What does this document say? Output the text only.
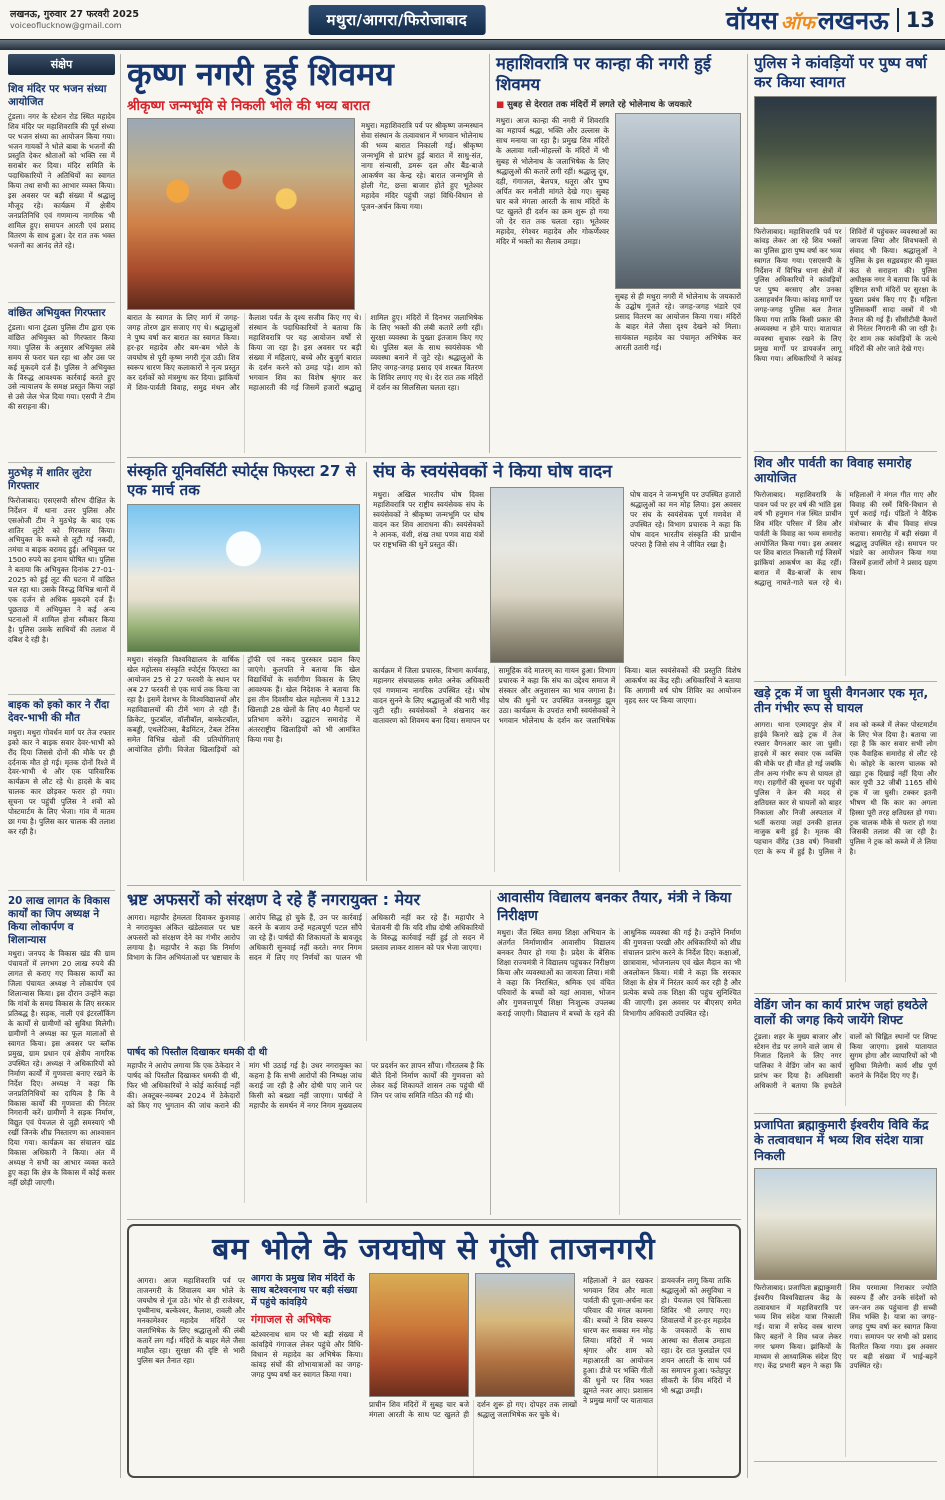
लखनऊ, गुरुवार 27 फरवरी 2025
voiceoflucknow@gmail.com	मथुरा/आगरा/फिरोजाबाद	वॉयस ऑफ लखनऊ 13
संक्षेप
शिव मंदिर पर भजन संध्या आयोजित

टूंडला। नगर के स्टेशन रोड स्थित महादेव शिव मंदिर पर महाशिवरात्रि की पूर्व संध्या पर भजन संध्या का आयोजन किया गया। भजन गायकों ने भोले बाबा के भजनों की प्रस्तुति देकर श्रोताओं को भक्ति रस में सराबोर कर दिया। मंदिर समिति के पदाधिकारियों ने अतिथियों का स्वागत किया तथा सभी का आभार व्यक्त किया। इस अवसर पर बड़ी संख्या में श्रद्धालु मौजूद रहे। कार्यक्रम में क्षेत्रीय जनप्रतिनिधि एवं गणमान्य नागरिक भी शामिल हुए। समापन आरती एवं प्रसाद वितरण के साथ हुआ। देर रात तक भक्त भजनों का आनंद लेते रहे।

वांछित अभियुक्त गिरफ्तार

टूंडला। थाना टूंडला पुलिस टीम द्वारा एक वांछित अभियुक्त को गिरफ्तार किया गया। पुलिस के अनुसार अभियुक्त लंबे समय से फरार चल रहा था और उस पर कई मुकदमे दर्ज हैं। पुलिस ने अभियुक्त के विरुद्ध आवश्यक कार्रवाई करते हुए उसे न्यायालय के समक्ष प्रस्तुत किया जहां से उसे जेल भेज दिया गया। एसपी ने टीम की सराहना की।

मुठभेड़ में शातिर लुटेरा गिरफ्तार

फिरोजाबाद। एसएसपी सौरभ दीक्षित के निर्देशन में थाना उत्तर पुलिस और एसओजी टीम ने मुठभेड़ के बाद एक शातिर लुटेरे को गिरफ्तार किया। अभियुक्त के कब्जे से लूटी गई नकदी, तमंचा व बाइक बरामद हुई। अभियुक्त पर 1500 रुपये का इनाम घोषित था। पुलिस ने बताया कि अभियुक्त दिनांक 27-01-2025 को हुई लूट की घटना में वांछित चल रहा था। उसके विरुद्ध विभिन्न थानों में एक दर्जन से अधिक मुकदमे दर्ज हैं। पूछताछ में अभियुक्त ने कई अन्य घटनाओं में शामिल होना स्वीकार किया है। पुलिस उसके साथियों की तलाश में दबिश दे रही है।

बाइक को इको कार ने रौंदा देवर-भाभी की मौत

मथुरा। मथुरा गोवर्धन मार्ग पर तेज रफ्तार इको कार ने बाइक सवार देवर-भाभी को रौंद दिया जिससे दोनों की मौके पर ही दर्दनाक मौत हो गई। मृतक दोनों रिश्ते में देवर-भाभी थे और एक पारिवारिक कार्यक्रम से लौट रहे थे। हादसे के बाद चालक कार छोड़कर फरार हो गया। सूचना पर पहुंची पुलिस ने शवों को पोस्टमार्टम के लिए भेजा। गांव में मातम छा गया है। पुलिस कार चालक की तलाश कर रही है।

20 लाख लागत के विकास कार्यों का जिप अध्यक्ष ने किया लोकार्पण व शिलान्यास

मथुरा। जनपद के विकास खंड की ग्राम पंचायतों में लगभग 20 लाख रुपये की लागत से कराए गए विकास कार्यों का जिला पंचायत अध्यक्ष ने लोकार्पण एवं शिलान्यास किया। इस दौरान उन्होंने कहा कि गांवों के समग्र विकास के लिए सरकार प्रतिबद्ध है। सड़क, नाली एवं इंटरलॉकिंग के कार्यों से ग्रामीणों को सुविधा मिलेगी। ग्रामीणों ने अध्यक्ष का फूल मालाओं से स्वागत किया। इस अवसर पर ब्लॉक प्रमुख, ग्राम प्रधान एवं क्षेत्रीय नागरिक उपस्थित रहे। अध्यक्ष ने अधिकारियों को निर्माण कार्यों में गुणवत्ता बनाए रखने के निर्देश दिए। अध्यक्ष ने कहा कि जनप्रतिनिधियों का दायित्व है कि वे विकास कार्यों की गुणवत्ता की निरंतर निगरानी करें। ग्रामीणों ने सड़क निर्माण, विद्युत एवं पेयजल से जुड़ी समस्याएं भी रखीं जिनके शीघ्र निस्तारण का आश्वासन दिया गया। कार्यक्रम का संचालन खंड विकास अधिकारी ने किया। अंत में अध्यक्ष ने सभी का आभार व्यक्त करते हुए कहा कि क्षेत्र के विकास में कोई कसर नहीं छोड़ी जाएगी।

कृष्ण नगरी हुई शिवमय
श्रीकृष्ण जन्मभूमि से निकली भोले की भव्य बारात

मथुरा। महाशिवरात्रि पर्व पर श्रीकृष्ण जन्मस्थान सेवा संस्थान के तत्वावधान में भगवान भोलेनाथ की भव्य बारात निकाली गई। श्रीकृष्ण जन्मभूमि से प्रारंभ हुई बारात में साधु-संत, नागा संन्यासी, डमरू दल और बैंड-बाजे आकर्षण का केन्द्र रहे। बारात जन्मभूमि से होली गेट, छत्ता बाजार होते हुए भूतेश्वर महादेव मंदिर पहुंची जहां विधि-विधान से पूजन-अर्चन किया गया।

बारात के स्वागत के लिए मार्ग में जगह-जगह तोरण द्वार सजाए गए थे। श्रद्धालुओं ने पुष्प वर्षा कर बारात का स्वागत किया। हर-हर महादेव और बम-बम भोले के जयघोष से पूरी कृष्ण नगरी गूंज उठी। शिव स्वरूप धारण किए कलाकारों ने नृत्य प्रस्तुत कर दर्शकों को मंत्रमुग्ध कर दिया। झांकियों में शिव-पार्वती विवाह, समुद्र मंथन और कैलाश पर्वत के दृश्य सजीव किए गए थे। संस्थान के पदाधिकारियों ने बताया कि महाशिवरात्रि पर यह आयोजन वर्षों से किया जा रहा है। इस अवसर पर बड़ी संख्या में महिलाएं, बच्चे और बुजुर्ग बारात के दर्शन करने को उमड़ पड़े। शाम को भगवान शिव का विशेष श्रृंगार कर महाआरती की गई जिसमें हजारों श्रद्धालु शामिल हुए। मंदिरों में दिनभर जलाभिषेक के लिए भक्तों की लंबी कतारें लगी रहीं। सुरक्षा व्यवस्था के पुख्ता इंतजाम किए गए थे। पुलिस बल के साथ स्वयंसेवक भी व्यवस्था बनाने में जुटे रहे। श्रद्धालुओं के लिए जगह-जगह प्रसाद एवं शरबत वितरण के शिविर लगाए गए थे। देर रात तक मंदिरों में दर्शन का सिलसिला चलता रहा।

महाशिवरात्रि पर कान्हा की नगरी हुई शिवमय
■ सुबह से देररात तक मंदिरों में लगते रहे भोलेनाथ के जयकारे

मथुरा। आज कान्हा की नगरी में शिवरात्रि का महापर्व श्रद्धा, भक्ति और उल्लास के साथ मनाया जा रहा है। प्रमुख शिव मंदिरों के अलावा गली-मोहल्लों के मंदिरों में भी सुबह से भोलेनाथ के जलाभिषेक के लिए श्रद्धालुओं की कतारें लगी रहीं। श्रद्धालु दूध, दही, गंगाजल, बेलपत्र, धतूरा और पुष्प अर्पित कर मनौती मांगते देखे गए। सुबह चार बजे मंगला आरती के साथ मंदिरों के पट खुलते ही दर्शन का क्रम शुरू हो गया जो देर रात तक चलता रहा। भूतेश्वर महादेव, रंगेश्वर महादेव और गोकर्णेश्वर मंदिर में भक्तों का सैलाब उमड़ा।

सुबह से ही मथुरा नगरी में भोलेनाथ के जयकारों के उद्घोष गूंजते रहे। जगह-जगह भंडारे एवं प्रसाद वितरण का आयोजन किया गया। मंदिरों के बाहर मेले जैसा दृश्य देखने को मिला। सायंकाल महादेव का पंचामृत अभिषेक कर आरती उतारी गई।

संस्कृति यूनिवर्सिटी स्पोर्ट्स फिएस्टा 27 से एक मार्च तक

मथुरा। संस्कृति विश्वविद्यालय के वार्षिक खेल महोत्सव संस्कृति स्पोर्ट्स फिएस्टा का आयोजन 25 से 27 फरवरी के स्थान पर अब 27 फरवरी से एक मार्च तक किया जा रहा है। इसमें देशभर के विश्वविद्यालयों और महाविद्यालयों की टीमें भाग ले रही हैं। क्रिकेट, फुटबॉल, वॉलीबॉल, बास्केटबॉल, कबड्डी, एथलेटिक्स, बैडमिंटन, टेबल टेनिस समेत विभिन्न खेलों की प्रतियोगिताएं आयोजित होंगी। विजेता खिलाड़ियों को ट्रॉफी एवं नकद पुरस्कार प्रदान किए जाएंगे। कुलपति ने बताया कि खेल विद्यार्थियों के सर्वांगीण विकास के लिए आवश्यक हैं। खेल निदेशक ने बताया कि इस तीन दिवसीय खेल महोत्सव में 1312 खिलाड़ी 28 खेलों के लिए 40 मैदानों पर प्रतिभाग करेंगे। उद्घाटन समारोह में अंतरराष्ट्रीय खिलाड़ियों को भी आमंत्रित किया गया है।

संघ के स्वयंसेवकों ने किया घोष वादन

मथुरा। अखिल भारतीय घोष दिवस महाशिवरात्रि पर राष्ट्रीय स्वयंसेवक संघ के स्वयंसेवकों ने श्रीकृष्ण जन्मभूमि पर घोष वादन कर शिव आराधना की। स्वयंसेवकों ने आनक, वंशी, शंख तथा पणव वाद्य यंत्रों पर राष्ट्रभक्ति की धुनें प्रस्तुत कीं।

घोष वादन ने जन्मभूमि पर उपस्थित हजारों श्रद्धालुओं का मन मोह लिया। इस अवसर पर संघ के स्वयंसेवक पूर्ण गणवेश में उपस्थित रहे। विभाग प्रचारक ने कहा कि घोष वादन भारतीय संस्कृति की प्राचीन परंपरा है जिसे संघ ने जीवित रखा है।

कार्यक्रम में जिला प्रचारक, विभाग कार्यवाह, महानगर संघचालक समेत अनेक अधिकारी एवं गणमान्य नागरिक उपस्थित रहे। घोष वादन सुनने के लिए श्रद्धालुओं की भारी भीड़ जुटी रही। स्वयंसेवकों ने शंखनाद कर वातावरण को शिवमय बना दिया। समापन पर सामूहिक वंदे मातरम् का गायन हुआ। विभाग प्रचारक ने कहा कि संघ का उद्देश्य समाज में संस्कार और अनुशासन का भाव जगाना है। घोष की धुनों पर उपस्थित जनसमूह झूम उठा। कार्यक्रम के उपरांत सभी स्वयंसेवकों ने भगवान भोलेनाथ के दर्शन कर जलाभिषेक किया। बाल स्वयंसेवकों की प्रस्तुति विशेष आकर्षण का केंद्र रही। अधिकारियों ने बताया कि आगामी वर्ष घोष शिविर का आयोजन वृहद स्तर पर किया जाएगा।

भ्रष्ट अफसरों को संरक्षण दे रहे हैं नगरायुक्त : मेयर

आगरा। महापौर हेमलता दिवाकर कुशवाह ने नगरायुक्त अंकित खंडेलवाल पर भ्रष्ट अफसरों को संरक्षण देने का गंभीर आरोप लगाया है। महापौर ने कहा कि निर्माण विभाग के जिन अभियंताओं पर भ्रष्टाचार के आरोप सिद्ध हो चुके हैं, उन पर कार्रवाई करने के बजाय उन्हें महत्वपूर्ण पटल सौंपे जा रहे हैं। पार्षदों की शिकायतों के बावजूद अधिकारी सुनवाई नहीं करते। नगर निगम सदन में लिए गए निर्णयों का पालन भी अधिकारी नहीं कर रहे हैं। महापौर ने चेतावनी दी कि यदि शीघ्र दोषी अधिकारियों के विरुद्ध कार्रवाई नहीं हुई तो सदन में प्रस्ताव लाकर शासन को पत्र भेजा जाएगा।

पार्षद को पिस्तौल दिखाकर धमकी दी थी

महापौर ने आरोप लगाया कि एक ठेकेदार ने पार्षद को पिस्तौल दिखाकर धमकी दी थी, फिर भी अधिकारियों ने कोई कार्रवाई नहीं की। अक्टूबर-नवम्बर 2024 में ठेकेदारों को किए गए भुगतान की जांच कराने की मांग भी उठाई गई है। उधर नगरायुक्त का कहना है कि सभी आरोपों की निष्पक्ष जांच कराई जा रही है और दोषी पाए जाने पर किसी को बख्शा नहीं जाएगा। पार्षदों ने महापौर के समर्थन में नगर निगम मुख्यालय पर प्रदर्शन कर ज्ञापन सौंपा। गौरतलब है कि बीते दिनों निर्माण कार्यों की गुणवत्ता को लेकर कई शिकायतें शासन तक पहुंची थीं जिन पर जांच समिति गठित की गई थी।

आवासीय विद्यालय बनकर तैयार, मंत्री ने किया निरीक्षण

मथुरा। जैंत स्थित समग्र शिक्षा अभियान के अंतर्गत निर्माणाधीन आवासीय विद्यालय बनकर तैयार हो गया है। प्रदेश के बेसिक शिक्षा राज्यमंत्री ने विद्यालय पहुंचकर निरीक्षण किया और व्यवस्थाओं का जायजा लिया। मंत्री ने कहा कि निराश्रित, श्रमिक एवं वंचित परिवारों के बच्चों को यहां आवास, भोजन और गुणवत्तापूर्ण शिक्षा निःशुल्क उपलब्ध कराई जाएगी। विद्यालय में बच्चों के रहने की आधुनिक व्यवस्था की गई है। उन्होंने निर्माण की गुणवत्ता परखी और अधिकारियों को शीघ्र संचालन प्रारंभ करने के निर्देश दिए। कक्षाओं, छात्रावास, भोजनालय एवं खेल मैदान का भी अवलोकन किया। मंत्री ने कहा कि सरकार शिक्षा के क्षेत्र में निरंतर कार्य कर रही है और प्रत्येक बच्चे तक शिक्षा की पहुंच सुनिश्चित की जाएगी। इस अवसर पर बीएसए समेत विभागीय अधिकारी उपस्थित रहे।

बम भोले के जयघोष से गूंजी ताजनगरी

आगरा। आज महाशिवरात्रि पर्व पर ताजनगरी के शिवालय बम भोले के जयघोष से गूंज उठे। भोर से ही राजेश्वर, पृथ्वीनाथ, बल्केश्वर, कैलाश, रावली और मनकामेश्वर महादेव मंदिरों पर जलाभिषेक के लिए श्रद्धालुओं की लंबी कतारें लग गईं। मंदिरों के बाहर मेले जैसा माहौल रहा। सुरक्षा की दृष्टि से भारी पुलिस बल तैनात रहा।

आगरा के प्रमुख शिव मंदिरों के साथ बटेश्वरनाथ पर बड़ी संख्या में पहुंचे कांवड़िये
गंगाजल से अभिषेक

बटेश्वरनाथ धाम पर भी बड़ी संख्या में कांवड़िये गंगाजल लेकर पहुंचे और विधि-विधान से महादेव का अभिषेक किया। कांवड़ संघों की शोभायात्राओं का जगह-जगह पुष्प वर्षा कर स्वागत किया गया।

प्राचीन शिव मंदिरों में सुबह चार बजे मंगला आरती के साथ पट खुलते ही दर्शन शुरू हो गए। दोपहर तक लाखों श्रद्धालु जलाभिषेक कर चुके थे।

महिलाओं ने व्रत रखकर भगवान शिव और माता पार्वती की पूजा-अर्चना कर परिवार की मंगल कामना की। बच्चों ने शिव स्वरूप धारण कर सबका मन मोह लिया। मंदिरों में भव्य श्रृंगार और शाम को महाआरती का आयोजन हुआ। डीजे पर भक्ति गीतों की धुनों पर शिव भक्त झूमते नजर आए। प्रशासन ने प्रमुख मार्गों पर यातायात डायवर्जन लागू किया ताकि श्रद्धालुओं को असुविधा न हो। पेयजल एवं चिकित्सा शिविर भी लगाए गए। शिवालयों में हर-हर महादेव के जयकारों के साथ आस्था का सैलाब उमड़ता रहा। देर रात फुलडोल एवं शयन आरती के साथ पर्व का समापन हुआ। फतेहपुर सीकरी के शिव मंदिरों में भी श्रद्धा उमड़ी।

पुलिस ने कांवड़ियों पर पुष्प वर्षा कर किया स्वागत

फिरोजाबाद। महाशिवरात्रि पर्व पर कांवड़ लेकर आ रहे शिव भक्तों का पुलिस द्वारा पुष्प वर्षा कर भव्य स्वागत किया गया। एसएसपी के निर्देशन में विभिन्न थाना क्षेत्रों में पुलिस अधिकारियों ने कांवड़ियों पर पुष्प बरसाए और उनका उत्साहवर्धन किया। कांवड़ मार्गों पर जगह-जगह पुलिस बल तैनात किया गया ताकि किसी प्रकार की अव्यवस्था न होने पाए। यातायात व्यवस्था सुचारू रखने के लिए प्रमुख मार्गों पर डायवर्जन लागू किया गया। अधिकारियों ने कांवड़ शिविरों में पहुंचकर व्यवस्थाओं का जायजा लिया और शिवभक्तों से संवाद भी किया। श्रद्धालुओं ने पुलिस के इस सद्व्यवहार की मुक्त कंठ से सराहना की। पुलिस अधीक्षक नगर ने बताया कि पर्व के दृष्टिगत सभी मंदिरों पर सुरक्षा के पुख्ता प्रबंध किए गए हैं। महिला पुलिसकर्मी सादा वस्त्रों में भी तैनात की गई हैं। सीसीटीवी कैमरों से निरंतर निगरानी की जा रही है। देर शाम तक कांवड़ियों के जत्थे मंदिरों की ओर जाते देखे गए।

शिव और पार्वती का विवाह समारोह आयोजित

फिरोजाबाद। महाशिवरात्रि के पावन पर्व पर हर वर्ष की भांति इस वर्ष भी हनुमान गंज स्थित प्राचीन शिव मंदिर परिसर में शिव और पार्वती के विवाह का भव्य समारोह आयोजित किया गया। इस अवसर पर शिव बारात निकाली गई जिसमें झांकियां आकर्षण का केंद्र रहीं। बारात में बैंड-बाजों के साथ श्रद्धालु नाचते-गाते चल रहे थे। महिलाओं ने मंगल गीत गाए और विवाह की रस्में विधि-विधान से पूर्ण कराई गईं। पंडितों ने वैदिक मंत्रोच्चार के बीच विवाह संपन्न कराया। समारोह में बड़ी संख्या में श्रद्धालु उपस्थित रहे। समापन पर भंडारे का आयोजन किया गया जिसमें हजारों लोगों ने प्रसाद ग्रहण किया।

खड़े ट्रक में जा घुसी वैगनआर एक मृत, तीन गंभीर रूप से घायल

आगरा। थाना एत्मादपुर क्षेत्र में हाईवे किनारे खड़े ट्रक में तेज रफ्तार वैगनआर कार जा घुसी। हादसे में कार सवार एक व्यक्ति की मौके पर ही मौत हो गई जबकि तीन अन्य गंभीर रूप से घायल हो गए। राहगीरों की सूचना पर पहुंची पुलिस ने क्रेन की मदद से क्षतिग्रस्त कार से घायलों को बाहर निकाला और निजी अस्पताल में भर्ती कराया जहां उनकी हालत नाजुक बनी हुई है। मृतक की पहचान वीरेंद्र (38 वर्ष) निवासी एटा के रूप में हुई है। पुलिस ने शव को कब्जे में लेकर पोस्टमार्टम के लिए भेज दिया है। बताया जा रहा है कि कार सवार सभी लोग एक वैवाहिक समारोह से लौट रहे थे। कोहरे के कारण चालक को खड़ा ट्रक दिखाई नहीं दिया और कार यूपी 32 जीबी 1165 सीधे ट्रक में जा घुसी। टक्कर इतनी भीषण थी कि कार का अगला हिस्सा पूरी तरह क्षतिग्रस्त हो गया। ट्रक चालक मौके से फरार हो गया जिसकी तलाश की जा रही है। पुलिस ने ट्रक को कब्जे में ले लिया है।

वेडिंग जोन का कार्य प्रारंभ जहां हथठेले वालों की जगह किये जायेंगे शिफ्ट

टूंडला। शहर के मुख्य बाजार और स्टेशन रोड पर लगने वाले जाम से निजात दिलाने के लिए नगर पालिका ने वेडिंग जोन का कार्य प्रारंभ कर दिया है। अधिशासी अधिकारी ने बताया कि हथठेले वालों को चिह्नित स्थानों पर शिफ्ट किया जाएगा। इससे यातायात सुगम होगा और व्यापारियों को भी सुविधा मिलेगी। कार्य शीघ्र पूर्ण कराने के निर्देश दिए गए हैं।

प्रजापिता ब्रह्माकुमारी ईश्वरीय विवि केंद्र के तत्वावधान में भव्य शिव संदेश यात्रा निकली

फिरोजाबाद। प्रजापिता ब्रह्माकुमारी ईश्वरीय विश्वविद्यालय केंद्र के तत्वावधान में महाशिवरात्रि पर भव्य शिव संदेश यात्रा निकाली गई। यात्रा में सफेद वस्त्र धारण किए बहनों ने शिव ध्वज लेकर नगर भ्रमण किया। झांकियों के माध्यम से आध्यात्मिक संदेश दिए गए। केंद्र प्रभारी बहन ने कहा कि शिव परमात्मा निराकार ज्योति स्वरूप हैं और उनके संदेशों को जन-जन तक पहुंचाना ही सच्ची शिव भक्ति है। यात्रा का जगह-जगह पुष्प वर्षा कर स्वागत किया गया। समापन पर सभी को प्रसाद वितरित किया गया। इस अवसर पर बड़ी संख्या में भाई-बहनें उपस्थित रहे।
